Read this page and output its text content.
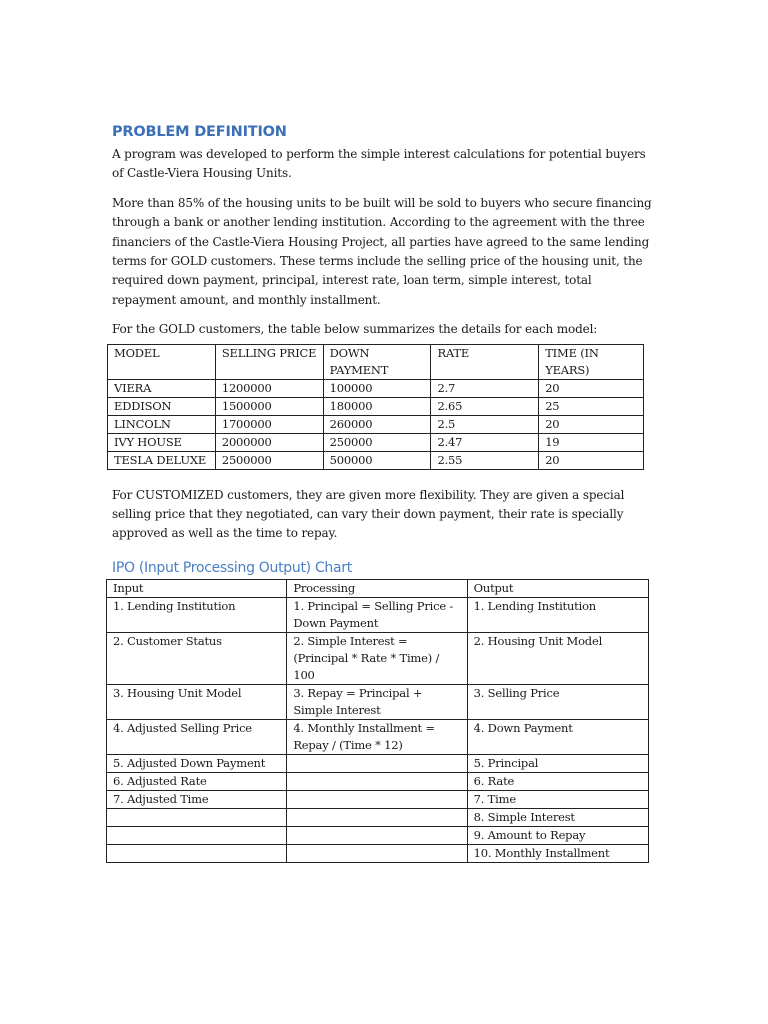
PROBLEM DEFINITION

A program was developed to perform the simple interest calculations for potential buyers of Castle-Viera Housing Units.

More than 85% of the housing units to be built will be sold to buyers who secure financing through a bank or another lending institution. According to the agreement with the three financiers of the Castle-Viera Housing Project, all parties have agreed to the same lending terms for GOLD customers. These terms include the selling price of the housing unit, the required down payment, principal, interest rate, loan term, simple interest, total repayment amount, and monthly installment.

For the GOLD customers, the table below summarizes the details for each model:

MODEL	SELLING PRICE	DOWN PAYMENT	RATE	TIME (IN YEARS)
VIERA	1200000	100000	2.7	20
EDDISON	1500000	180000	2.65	25
LINCOLN	1700000	260000	2.5	20
IVY HOUSE	2000000	250000	2.47	19
TESLA DELUXE	2500000	500000	2.55	20

For CUSTOMIZED customers, they are given more flexibility. They are given a special selling price that they negotiated, can vary their down payment, their rate is specially approved as well as the time to repay.

IPO (Input Processing Output) Chart
Input	Processing	Output
1. Lending Institution	1. Principal = Selling Price - Down Payment	1. Lending Institution
2. Customer Status	2. Simple Interest = (Principal * Rate * Time) / 100	2. Housing Unit Model
3. Housing Unit Model	3. Repay = Principal + Simple Interest	3. Selling Price
4. Adjusted Selling Price	4. Monthly Installment = Repay / (Time * 12)	4. Down Payment
5. Adjusted Down Payment		5. Principal
6. Adjusted Rate		6. Rate
7. Adjusted Time		7. Time
		8. Simple Interest
		9. Amount to Repay
		10. Monthly Installment
